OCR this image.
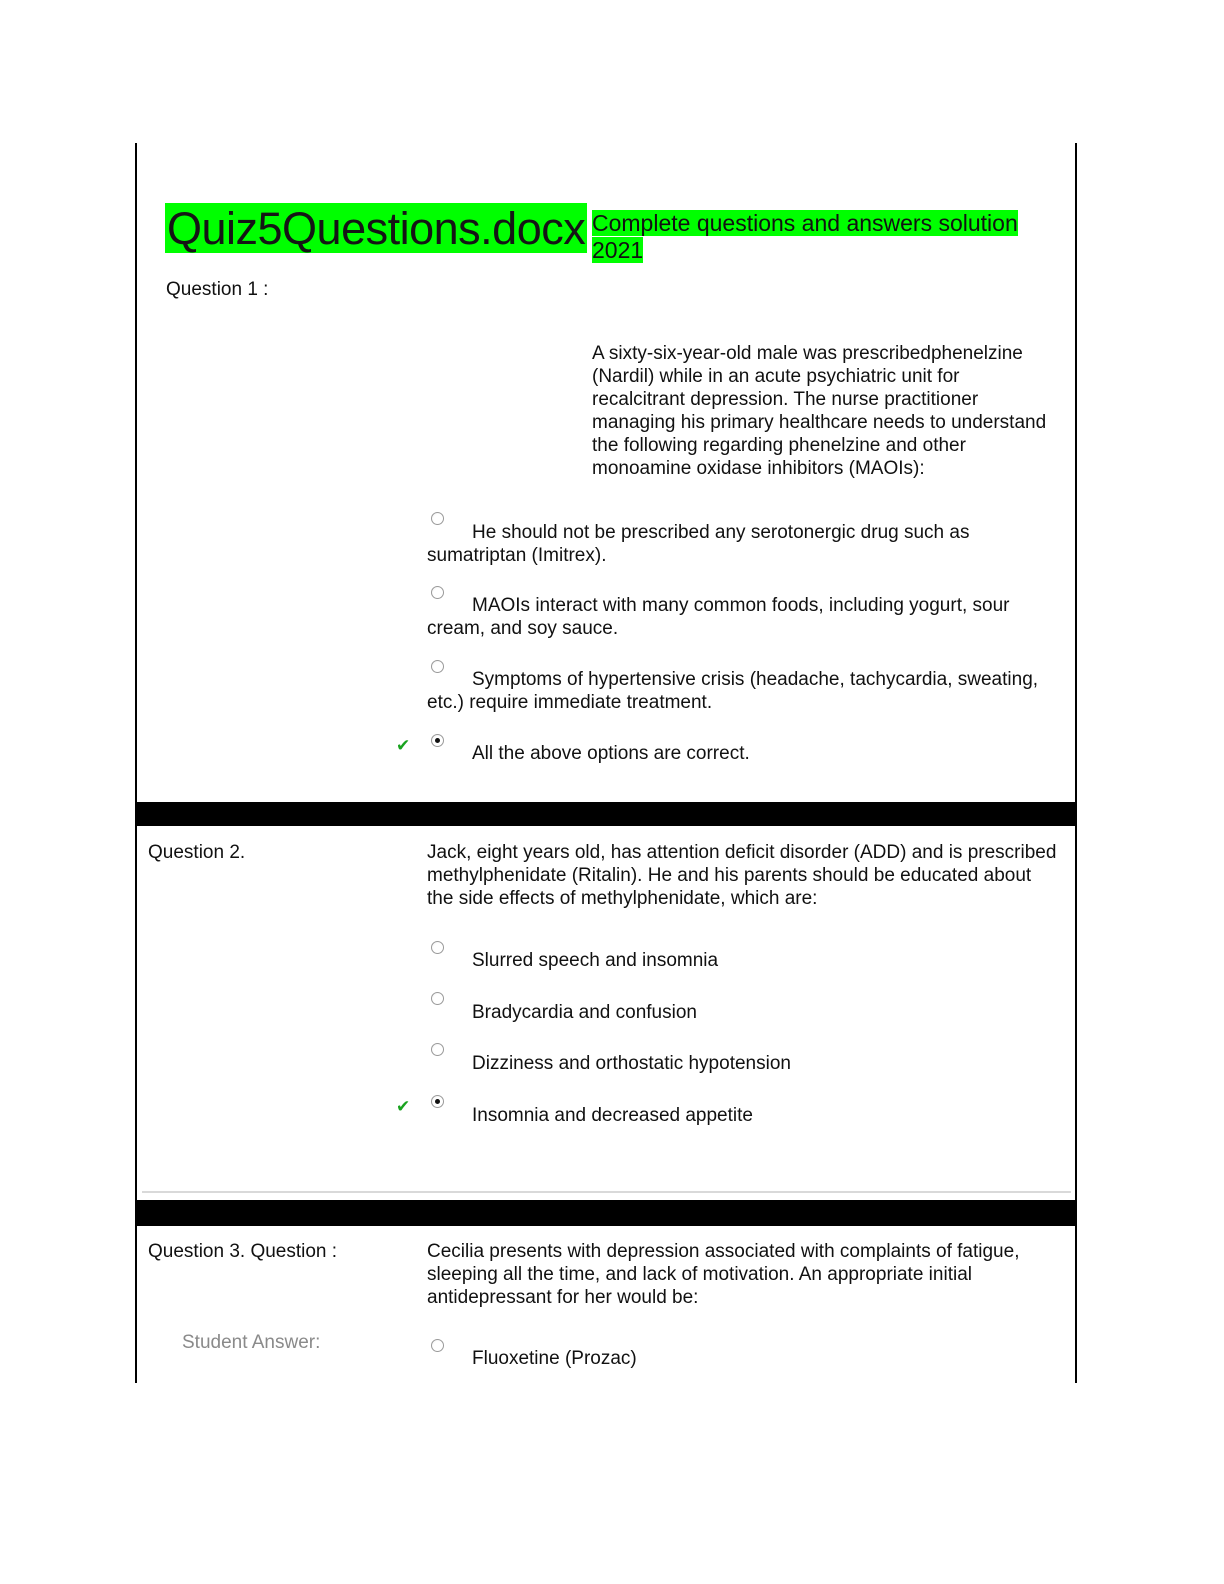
Quiz5Questions.docx Complete questions and answers solution 2021
Question 1 :
A sixty-six-year-old male was prescribedphenelzine (Nardil) while in an acute psychiatric unit for recalcitrant depression. The nurse practitioner managing his primary healthcare needs to understand the following regarding phenelzine and other monoamine oxidase inhibitors (MAOIs):
He should not be prescribed any serotonergic drug such as sumatriptan (Imitrex).
MAOIs interact with many common foods, including yogurt, sour cream, and soy sauce.
Symptoms of hypertensive crisis (headache, tachycardia, sweating, etc.) require immediate treatment.
✔	All the above options are correct.
Question 2.	Jack, eight years old, has attention deficit disorder (ADD) and is prescribed methylphenidate (Ritalin). He and his parents should be educated about the side effects of methylphenidate, which are:
Slurred speech and insomnia
Bradycardia and confusion
Dizziness and orthostatic hypotension
✔	Insomnia and decreased appetite
Question 3. Question :	Cecilia presents with depression associated with complaints of fatigue, sleeping all the time, and lack of motivation. An appropriate initial antidepressant for her would be:
Student Answer:
Fluoxetine (Prozac)
